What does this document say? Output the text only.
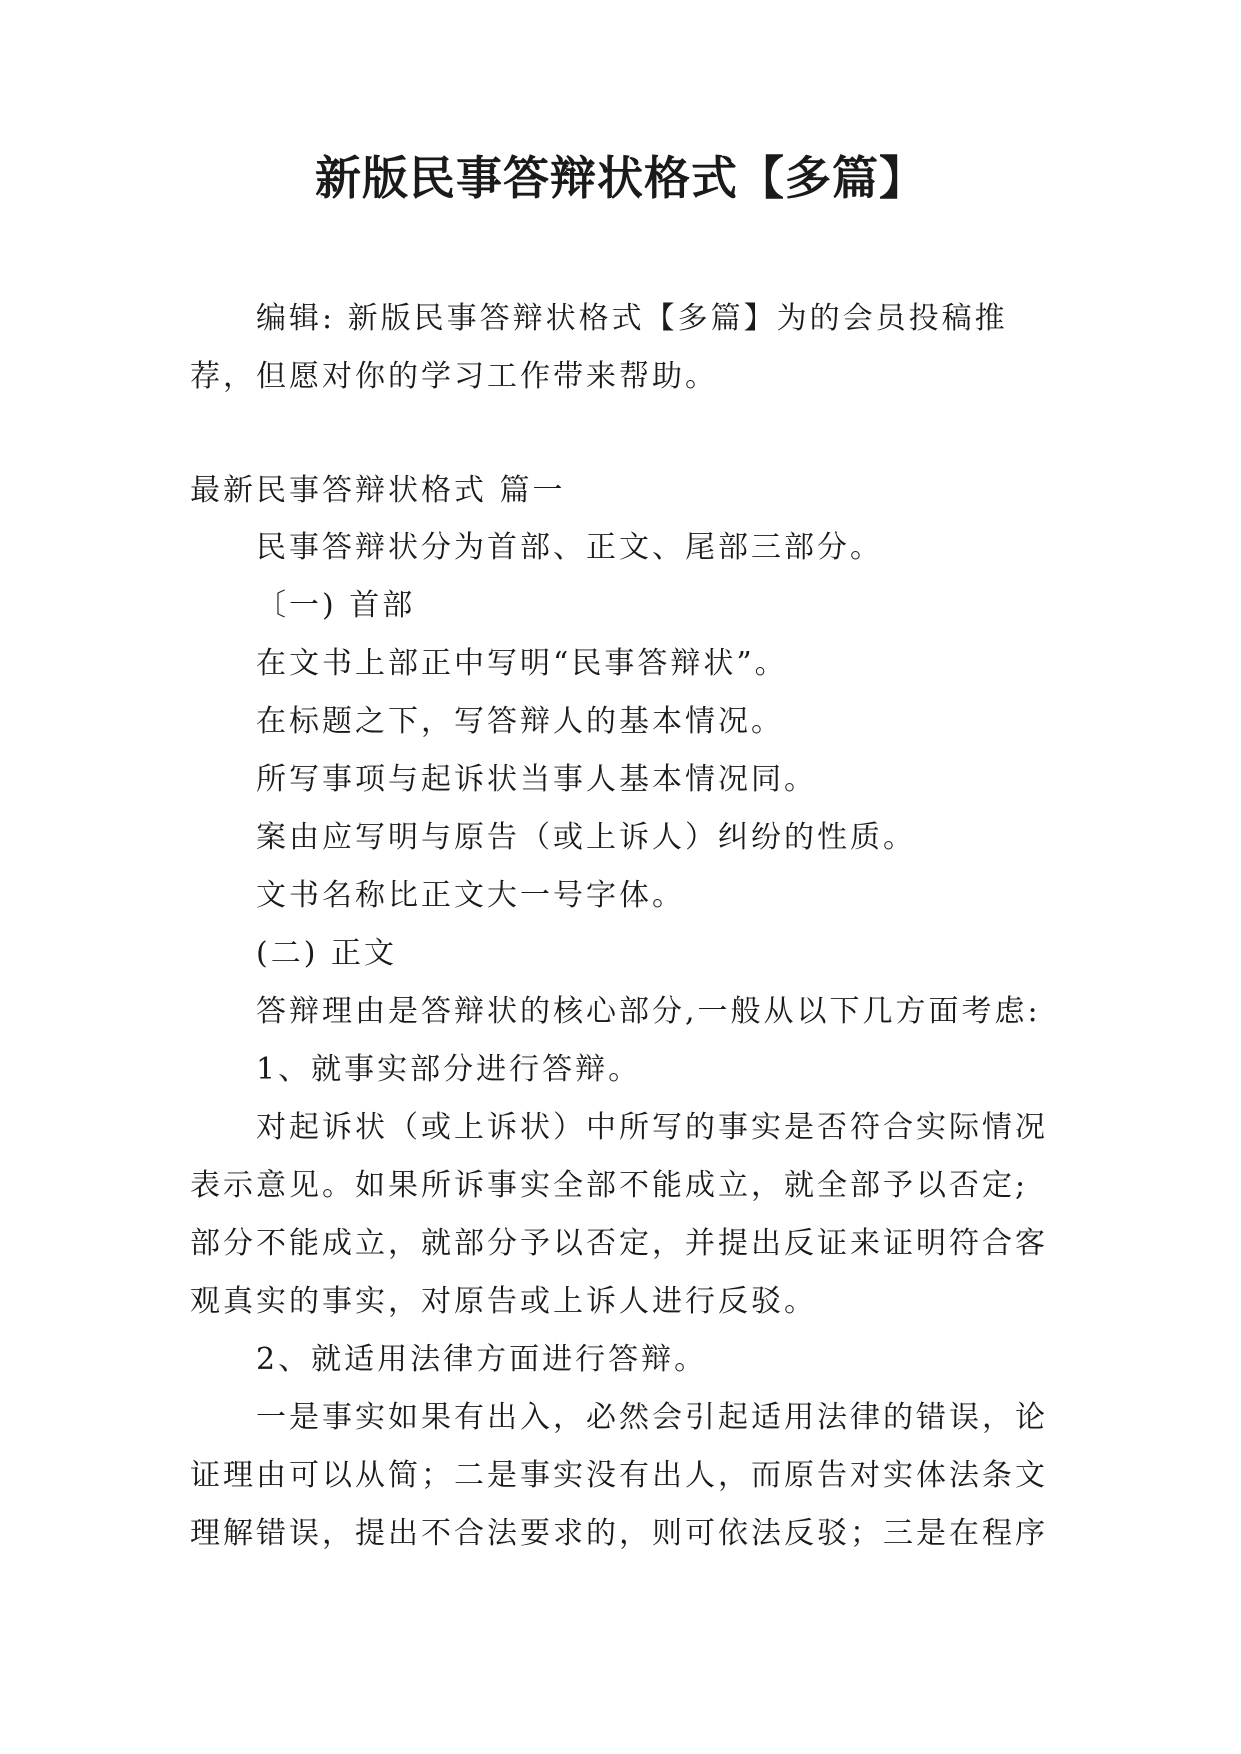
新版民事答辩状格式【多篇】

编辑: 新版民事答辩状格式【多篇】为的会员投稿推荐，但愿对你的学习工作带来帮助。

最新民事答辩状格式 篇一

民事答辩状分为首部、正文、尾部三部分。

〔一) 首部

在文书上部正中写明“民事答辩状”。

在标题之下，写答辩人的基本情况。

所写事项与起诉状当事人基本情况同。

案由应写明与原告（或上诉人）纠纷的性质。

文书名称比正文大一号字体。

(二) 正文

答辩理由是答辩状的核心部分,一般从以下几方面考虑:

1、就事实部分进行答辩。

对起诉状（或上诉状）中所写的事实是否符合实际情况表示意见。如果所诉事实全部不能成立，就全部予以否定;部分不能成立，就部分予以否定，并提出反证来证明符合客观真实的事实，对原告或上诉人进行反驳。

2、就适用法律方面进行答辩。

一是事实如果有出入，必然会引起适用法律的错误，论证理由可以从简；二是事实没有出人，而原告对实体法条文理解错误，提出不合法要求的，则可依法反驳；三是在程序
